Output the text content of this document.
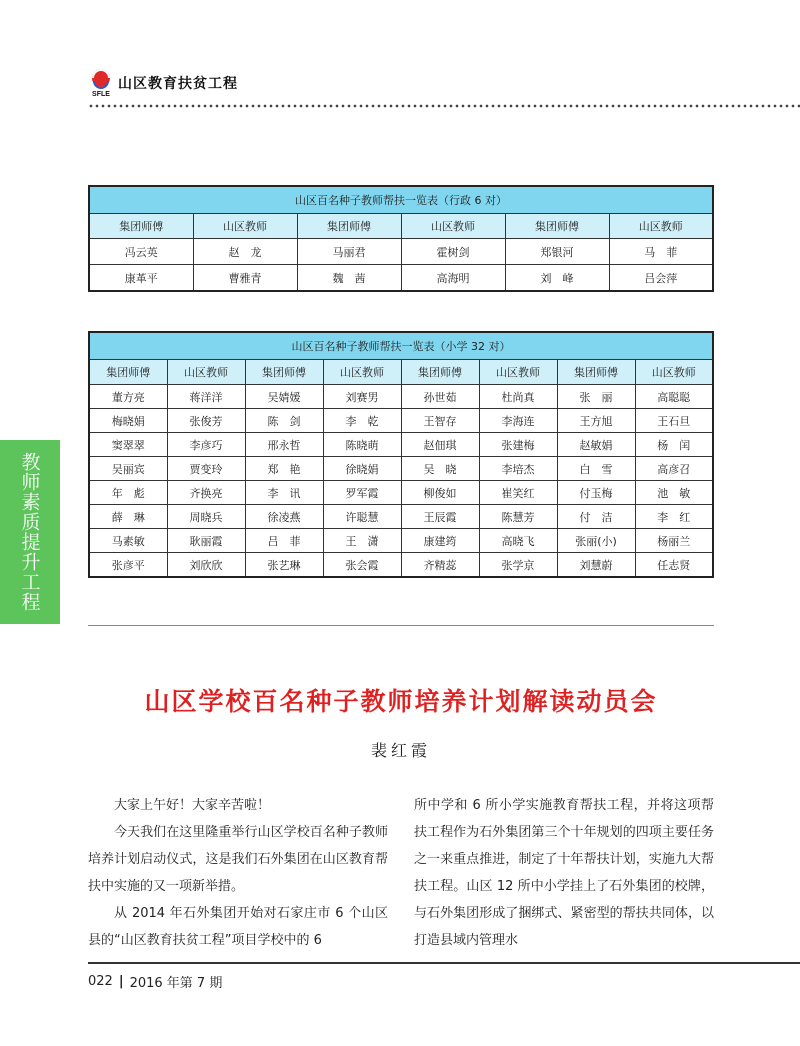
SFLE
山区教育扶贫工程
教师素质提升工程
山区百名种子教师帮扶一览表（行政 6 对）					
集团师傅	山区教师	集团师傅	山区教师	集团师傅	山区教师
冯云英	赵　龙	马丽君	霍树剑	郑银河	马　菲
康革平	曹雅青	魏　茜	高海明	刘　峰	吕会萍
山区百名种子教师帮扶一览表（小学 32 对）							
集团师傅	山区教师	集团师傅	山区教师	集团师傅	山区教师	集团师傅	山区教师
董方亮	蒋洋洋	吴婧媛	刘赛男	孙世茹	杜尚真	张　丽	高聪聪
梅晓娟	张俊芳	陈　剑	李　乾	王智存	李海连	王方旭	王石旦
窦翠翠	李彦巧	邢永哲	陈晓萌	赵佃琪	张建梅	赵敏娟	杨　闰
吴丽宾	贾变玲	郑　艳	徐晓娟	吴　晓	李培杰	白　雪	高彦召
年　彪	齐换亮	李　讯	罗军霞	柳俊如	崔笑红	付玉梅	池　敏
薛　琳	周晓兵	徐凌燕	许聪慧	王辰霞	陈慧芳	付　洁	李　红
马素敏	耿丽霞	吕　菲	王　潇	康建筠	高晓飞	张丽(小)	杨丽兰
张彦平	刘欣欣	张艺琳	张会霞	齐精蕊	张学京	刘慧蔚	任志贤
山区学校百名种子教师培养计划解读动员会
裴红霞

大家上午好！大家辛苦啦！

今天我们在这里隆重举行山区学校百名种子教师培养计划启动仪式，这是我们石外集团在山区教育帮扶中实施的又一项新举措。

从 2014 年石外集团开始对石家庄市 6 个山区县的“山区教育扶贫工程”项目学校中的 6

所中学和 6 所小学实施教育帮扶工程，并将这项帮扶工程作为石外集团第三个十年规划的四项主要任务之一来重点推进，制定了十年帮扶计划，实施九大帮扶工程。山区 12 所中小学挂上了石外集团的校牌，与石外集团形成了捆绑式、紧密型的帮扶共同体，以打造县域内管理水

022 | 2016 年第 7 期
